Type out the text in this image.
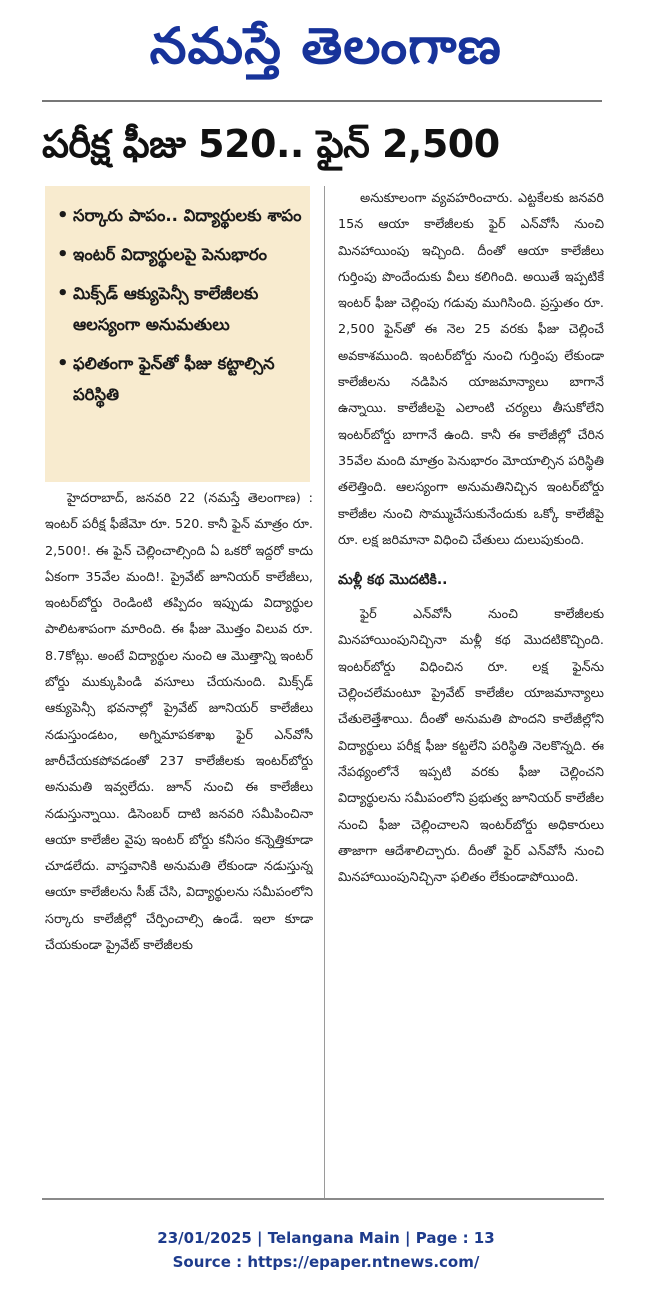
నమస్తే తెలంగాణ
పరీక్ష ఫీజు 520.. ఫైన్ 2,500
• సర్కారు పాపం.. విద్యార్థులకు శాపం
• ఇంటర్ విద్యార్థులపై పెనుభారం
• మిక్స్‌డ్ ఆక్యుపెన్సీ కాలేజీలకు ఆలస్యంగా అనుమతులు
• ఫలితంగా ఫైన్‌తో ఫీజు కట్టాల్సిన పరిస్థితి

హైదరాబాద్, జనవరి 22 (నమస్తే తెలంగాణ) : ఇంటర్ పరీక్ష ఫీజేమో రూ. 520. కానీ ఫైన్ మాత్రం రూ. 2,500!. ఈ ఫైన్ చెల్లించాల్సింది ఏ ఒకరో ఇద్దరో కాదు ఏకంగా 35వేల మంది!. ప్రైవేట్ జూనియర్ కాలేజీలు, ఇంటర్‌బోర్డు రెండింటి తప్పిదం ఇప్పుడు విద్యార్థుల పాలిటశాపంగా మారింది. ఈ ఫీజు మొత్తం విలువ రూ. 8.7కోట్లు. అంటే విద్యార్థుల నుంచి ఆ మొత్తాన్ని ఇంటర్ బోర్డు ముక్కుపిండి వసూలు చేయనుంది. మిక్స్‌డ్ ఆక్యుపెన్సీ భవనాల్లో ప్రైవేట్ జూనియర్ కాలేజీలు నడుస్తుండటం, అగ్నిమాపకశాఖ ఫైర్ ఎన్‌వోసీ జారీచేయకపోవడంతో 237 కాలేజీలకు ఇంటర్‌బోర్డు అనుమతి ఇవ్వలేదు. జూన్ నుంచి ఈ కాలేజీలు నడుస్తున్నాయి. డిసెంబర్ దాటి జనవరి సమీపించినా ఆయా కాలేజీల వైపు ఇంటర్ బోర్డు కనీసం కన్నెత్తికూడా చూడలేదు. వాస్తవానికి అనుమతి లేకుండా నడుస్తున్న ఆయా కాలేజీలను సీజ్ చేసి, విద్యార్థులను సమీపంలోని సర్కారు కాలేజీల్లో చేర్పించాల్సి ఉండే. ఇలా కూడా చేయకుండా ప్రైవేట్ కాలేజీలకు

అనుకూలంగా వ్యవహరించారు. ఎట్టకేలకు జనవరి 15న ఆయా కాలేజీలకు ఫైర్ ఎన్‌వోసీ నుంచి మినహాయింపు ఇచ్చింది. దీంతో ఆయా కాలేజీలు గుర్తింపు పొందేందుకు వీలు కలిగింది. అయితే ఇప్పటికే ఇంటర్ ఫీజు చెల్లింపు గడువు ముగిసింది. ప్రస్తుతం రూ. 2,500 ఫైన్‌తో ఈ నెల 25 వరకు ఫీజు చెల్లించే అవకాశముంది. ఇంటర్‌బోర్డు నుంచి గుర్తింపు లేకుండా కాలేజీలను నడిపిన యాజమాన్యాలు బాగానే ఉన్నాయి. కాలేజీలపై ఎలాంటి చర్యలు తీసుకోలేని ఇంటర్‌బోర్డు బాగానే ఉంది. కానీ ఈ కాలేజీల్లో చేరిన 35వేల మంది మాత్రం పెనుభారం మోయాల్సిన పరిస్థితి తలెత్తింది. ఆలస్యంగా అనుమతినిచ్చిన ఇంటర్‌బోర్డు కాలేజీల నుంచి సొమ్ముచేసుకునేందుకు ఒక్కో కాలేజీపై రూ. లక్ష జరిమానా విధించి చేతులు దులుపుకుంది.

మళ్లీ కథ మొదటికి..

ఫైర్ ఎన్‌వోసీ నుంచి కాలేజీలకు మినహాయింపునిచ్చినా మళ్లీ కథ మొదటికొచ్చింది. ఇంటర్‌బోర్డు విధించిన రూ. లక్ష ఫైన్‌ను చెల్లించలేమంటూ ప్రైవేట్ కాలేజీల యాజమాన్యాలు చేతులెత్తేశాయి. దీంతో అనుమతి పొందని కాలేజీల్లోని విద్యార్థులు పరీక్ష ఫీజు కట్టలేని పరిస్థితి నెలకొన్నది. ఈ నేపథ్యంలోనే ఇప్పటి వరకు ఫీజు చెల్లించని విద్యార్థులను సమీపంలోని ప్రభుత్వ జూనియర్ కాలేజీల నుంచి ఫీజు చెల్లించాలని ఇంటర్‌బోర్డు అధికారులు తాజాగా ఆదేశాలిచ్చారు. దీంతో ఫైర్ ఎన్‌వోసీ నుంచి మినహాయింపునిచ్చినా ఫలితం లేకుండాపోయింది.

23/01/2025 | Telangana Main | Page : 13
Source : https://epaper.ntnews.com/
